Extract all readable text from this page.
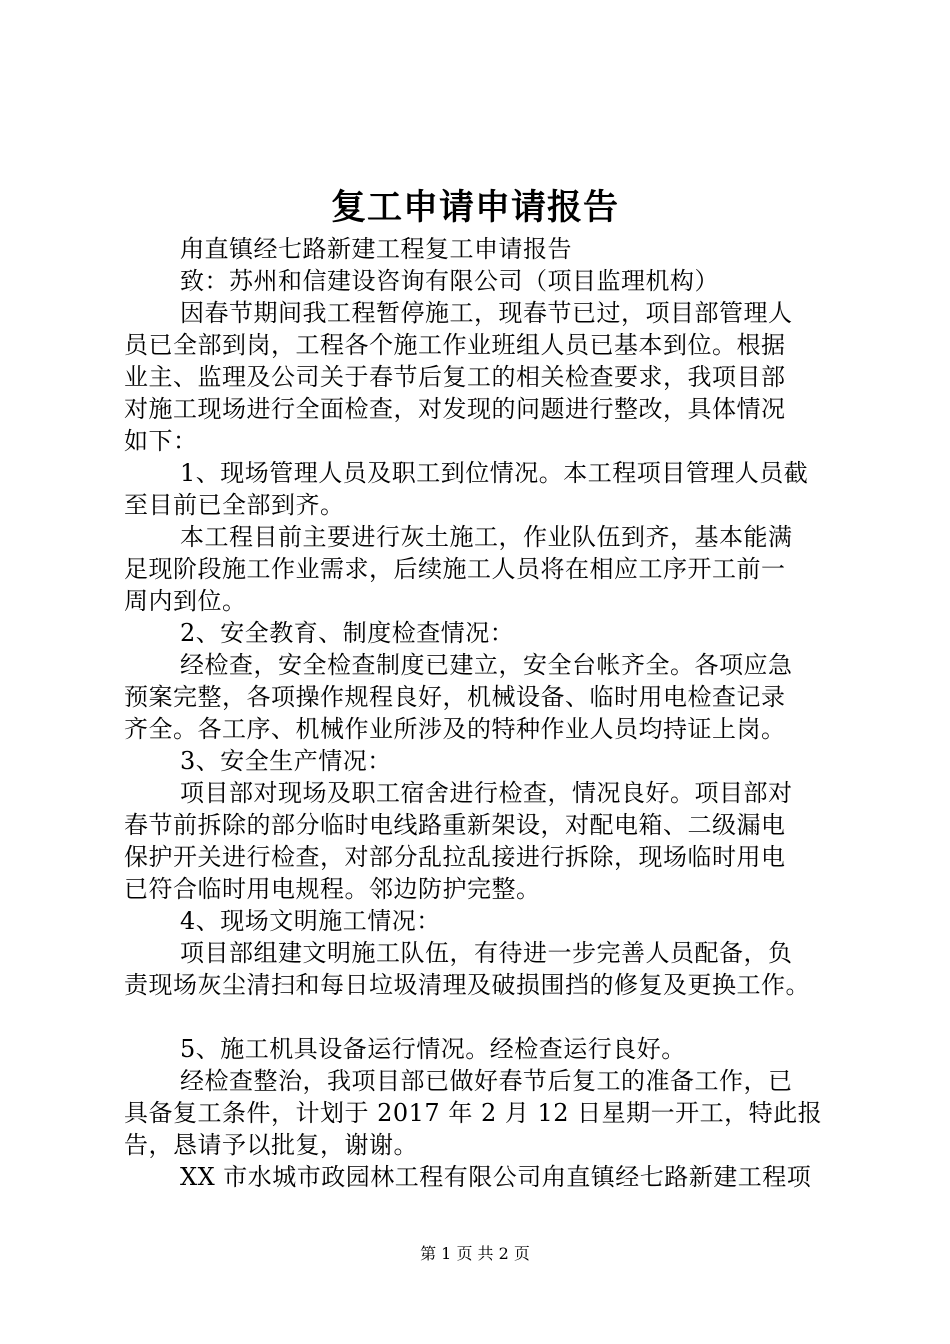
复工申请申请报告
甪直镇经七路新建工程复工申请报告
致：苏州和信建设咨询有限公司（项目监理机构）
因春节期间我工程暂停施工，现春节已过，项目部管理人
员已全部到岗，工程各个施工作业班组人员已基本到位。根据
业主、监理及公司关于春节后复工的相关检查要求，我项目部
对施工现场进行全面检查，对发现的问题进行整改，具体情况
如下：
1、现场管理人员及职工到位情况。本工程项目管理人员截
至目前已全部到齐。
本工程目前主要进行灰土施工，作业队伍到齐，基本能满
足现阶段施工作业需求，后续施工人员将在相应工序开工前一
周内到位。
2、安全教育、制度检查情况：
经检查，安全检查制度已建立，安全台帐齐全。各项应急
预案完整，各项操作规程良好，机械设备、临时用电检查记录
齐全。各工序、机械作业所涉及的特种作业人员均持证上岗。
3、安全生产情况：
项目部对现场及职工宿舍进行检查，情况良好。项目部对
春节前拆除的部分临时电线路重新架设，对配电箱、二级漏电
保护开关进行检查，对部分乱拉乱接进行拆除，现场临时用电
已符合临时用电规程。邻边防护完整。
4、现场文明施工情况：
项目部组建文明施工队伍，有待进一步完善人员配备，负
责现场灰尘清扫和每日垃圾清理及破损围挡的修复及更换工作。
5、施工机具设备运行情况。经检查运行良好。
经检查整治，我项目部已做好春节后复工的准备工作，已
具备复工条件，计划于 2017 年 2 月 12 日星期一开工，特此报
告，恳请予以批复，谢谢。
XX 市水城市政园林工程有限公司甪直镇经七路新建工程项
第 1 页 共 2 页
